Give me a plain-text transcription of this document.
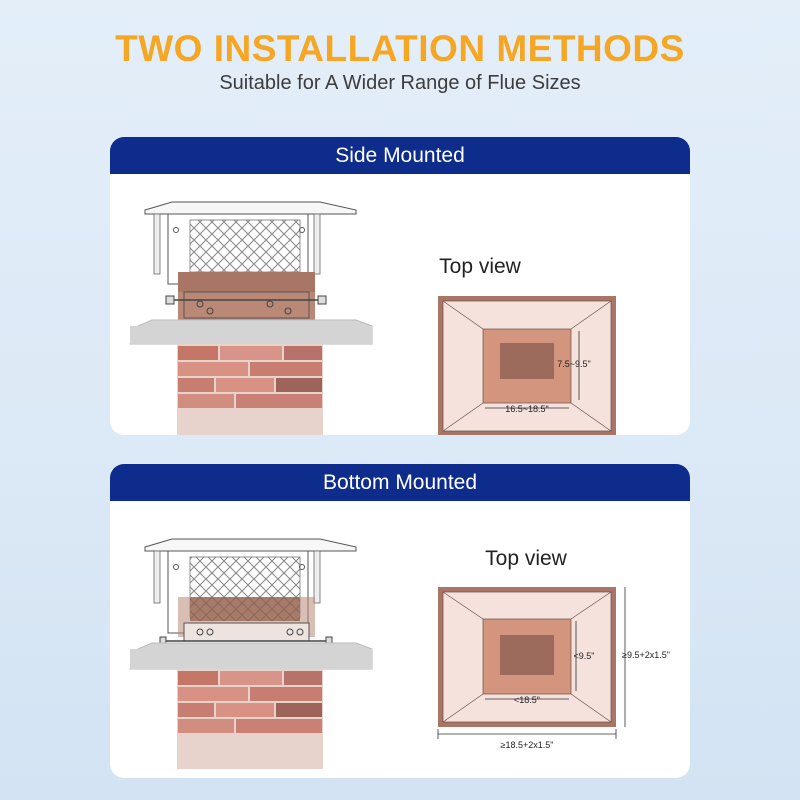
TWO INSTALLATION METHODS
Suitable for A Wider Range of Flue Sizes
Side Mounted
Top view
7.5~9.5"
16.5~18.5"
Bottom Mounted
Top view
<9.5"
<18.5"
≥9.5+2x1.5"
≥18.5+2x1.5"
